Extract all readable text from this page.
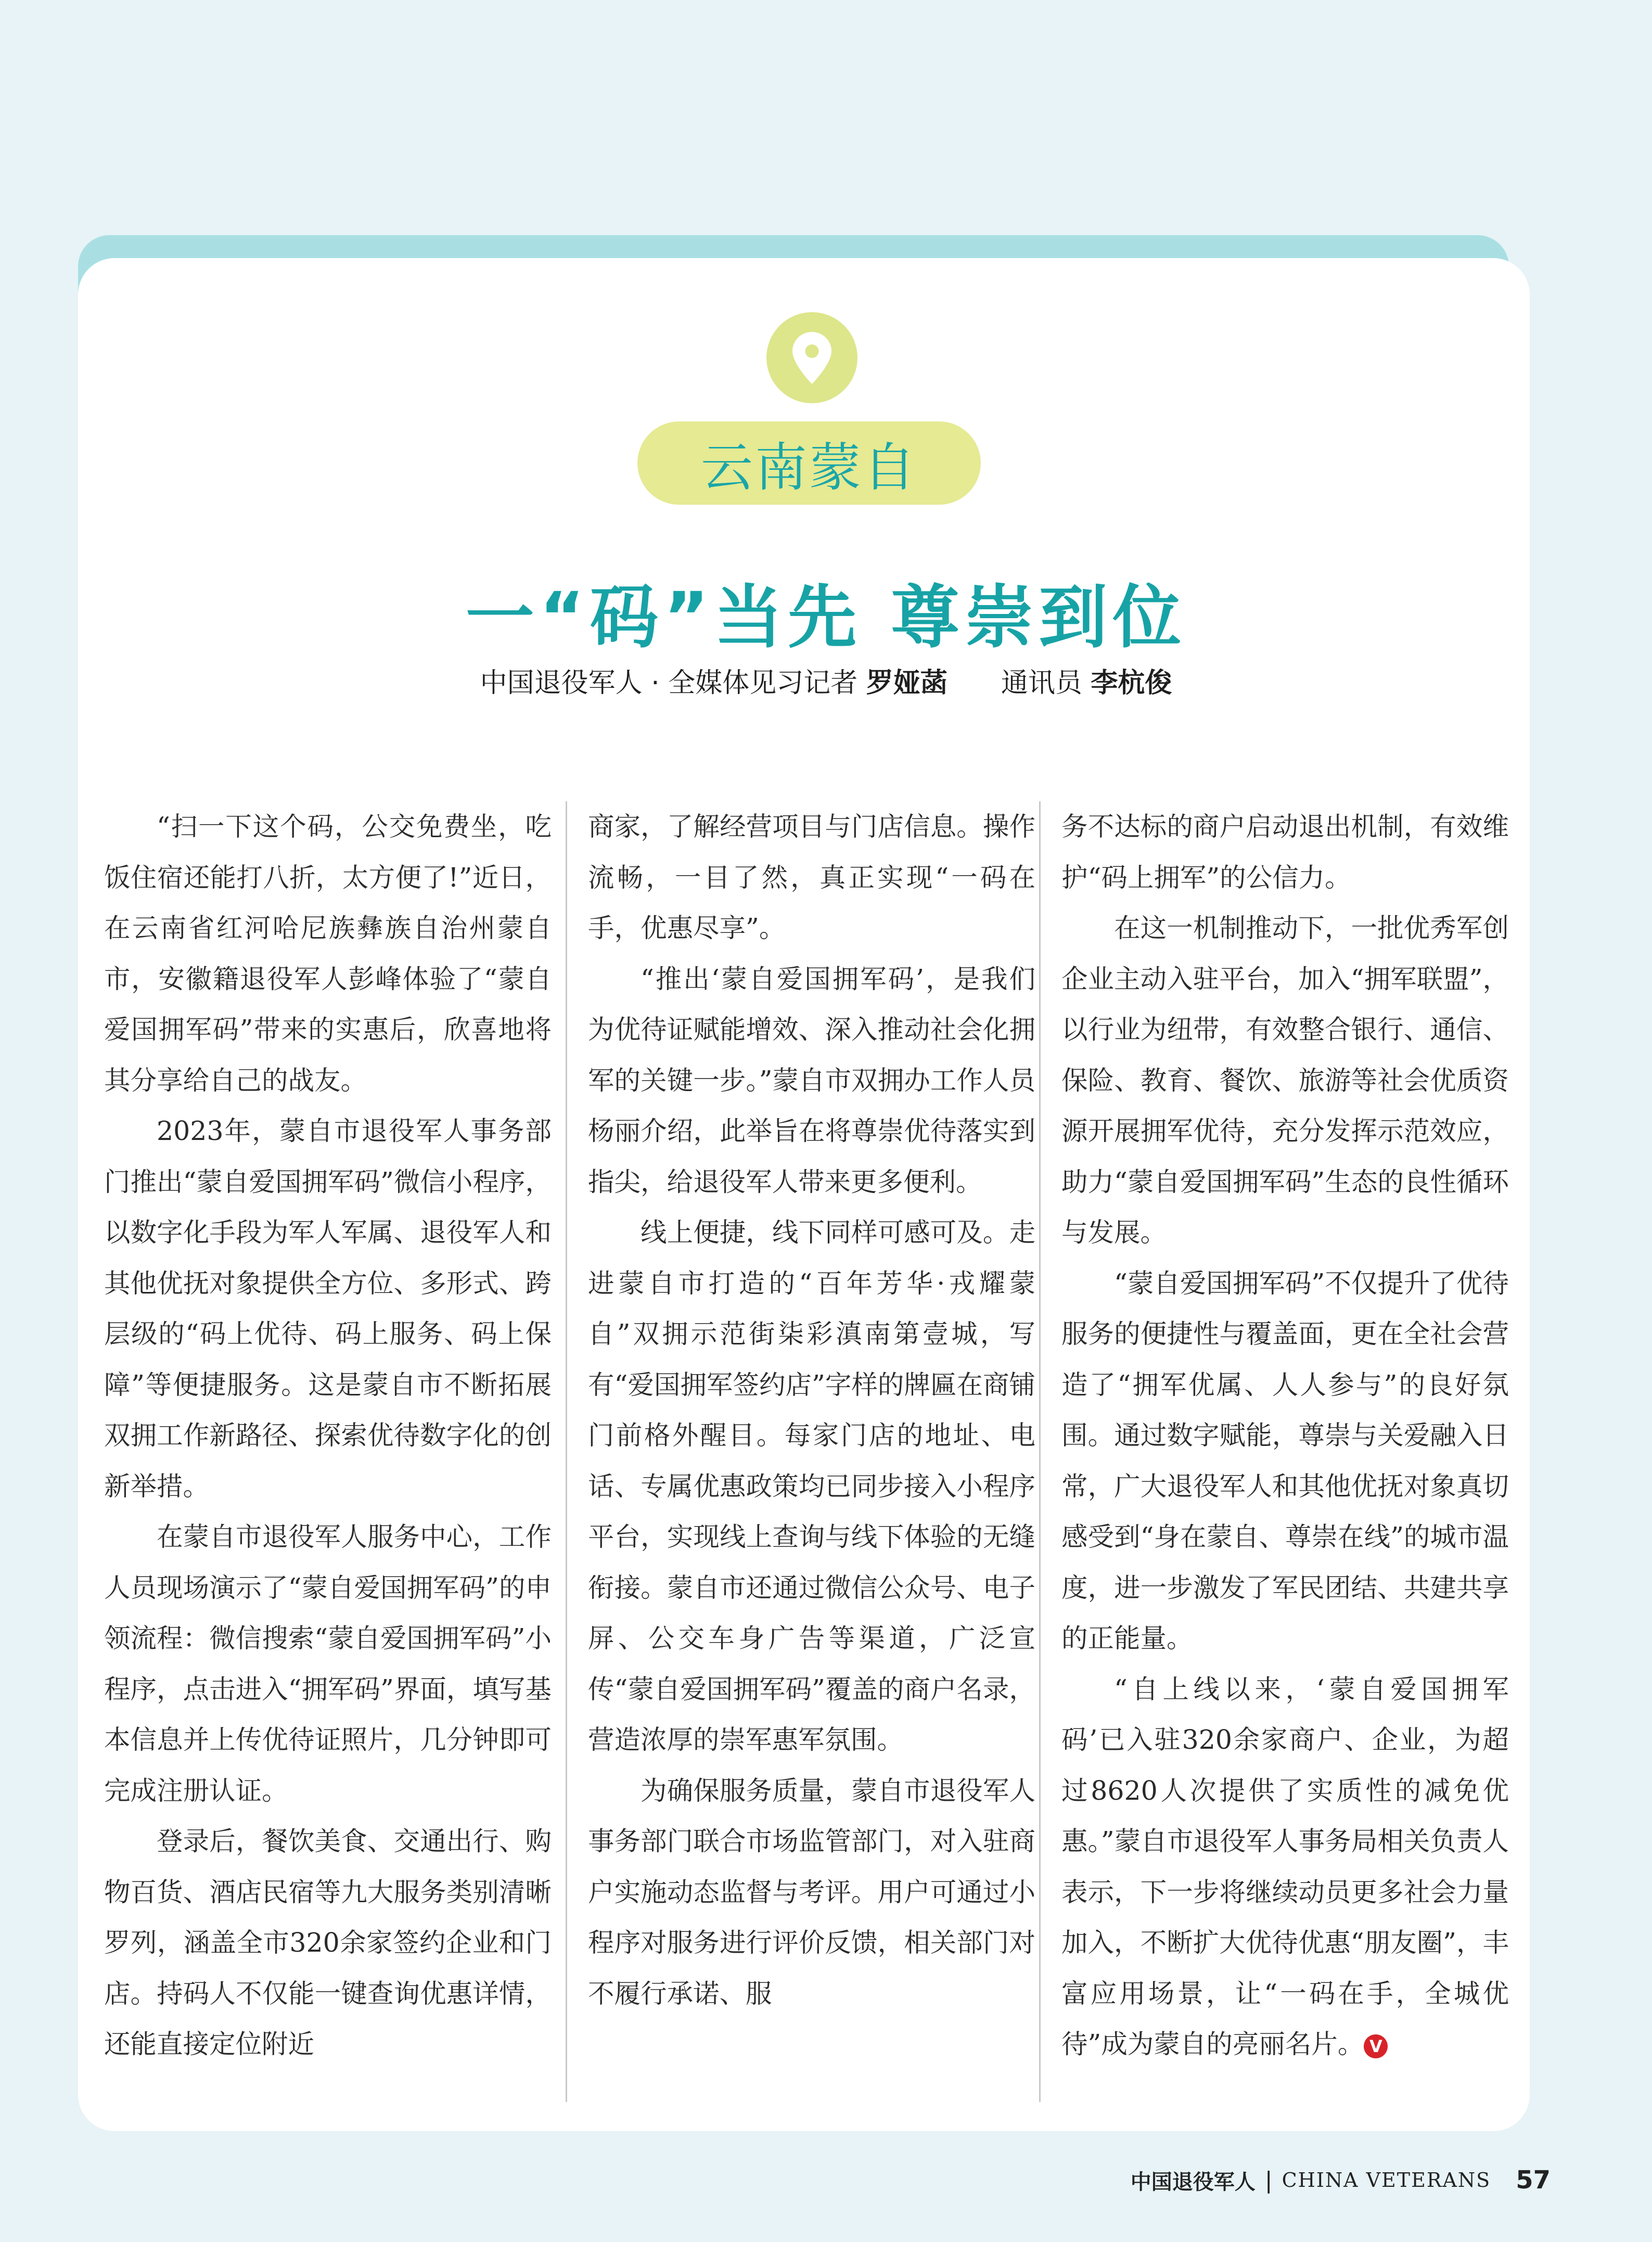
云南蒙自
一“码”当先 尊崇到位
中国退役军人 · 全媒体见习记者 罗娅菡 通讯员 李杭俊

“扫一下这个码，公交免费坐，吃饭住宿还能打八折，太方便了!”近日，在云南省红河哈尼族彝族自治州蒙自市，安徽籍退役军人彭峰体验了“蒙自爱国拥军码”带来的实惠后，欣喜地将其分享给自己的战友。

2023年，蒙自市退役军人事务部门推出“蒙自爱国拥军码”微信小程序，以数字化手段为军人军属、退役军人和其他优抚对象提供全方位、多形式、跨层级的“码上优待、码上服务、码上保障”等便捷服务。这是蒙自市不断拓展双拥工作新路径、探索优待数字化的创新举措。

在蒙自市退役军人服务中心，工作人员现场演示了“蒙自爱国拥军码”的申领流程：微信搜索“蒙自爱国拥军码”小程序，点击进入“拥军码”界面，填写基本信息并上传优待证照片，几分钟即可完成注册认证。

登录后，餐饮美食、交通出行、购物百货、酒店民宿等九大服务类别清晰罗列，涵盖全市320余家签约企业和门店。持码人不仅能一键查询优惠详情，还能直接定位附近

商家，了解经营项目与门店信息。操作流畅，一目了然，真正实现“一码在手，优惠尽享”。

“推出‘蒙自爱国拥军码’，是我们为优待证赋能增效、深入推动社会化拥军的关键一步。”蒙自市双拥办工作人员杨丽介绍，此举旨在将尊崇优待落实到指尖，给退役军人带来更多便利。

线上便捷，线下同样可感可及。走进蒙自市打造的“百年芳华·戎耀蒙自”双拥示范街柒彩滇南第壹城，写有“爱国拥军签约店”字样的牌匾在商铺门前格外醒目。每家门店的地址、电话、专属优惠政策均已同步接入小程序平台，实现线上查询与线下体验的无缝衔接。蒙自市还通过微信公众号、电子屏、公交车身广告等渠道，广泛宣传“蒙自爱国拥军码”覆盖的商户名录，营造浓厚的崇军惠军氛围。

为确保服务质量，蒙自市退役军人事务部门联合市场监管部门，对入驻商户实施动态监督与考评。用户可通过小程序对服务进行评价反馈，相关部门对不履行承诺、服

务不达标的商户启动退出机制，有效维护“码上拥军”的公信力。

在这一机制推动下，一批优秀军创企业主动入驻平台，加入“拥军联盟”，以行业为纽带，有效整合银行、通信、保险、教育、餐饮、旅游等社会优质资源开展拥军优待，充分发挥示范效应，助力“蒙自爱国拥军码”生态的良性循环与发展。

“蒙自爱国拥军码”不仅提升了优待服务的便捷性与覆盖面，更在全社会营造了“拥军优属、人人参与”的良好氛围。通过数字赋能，尊崇与关爱融入日常，广大退役军人和其他优抚对象真切感受到“身在蒙自、尊崇在线”的城市温度，进一步激发了军民团结、共建共享的正能量。

“自上线以来，‘蒙自爱国拥军码’已入驻320余家商户、企业，为超过8620人次提供了实质性的减免优惠。”蒙自市退役军人事务局相关负责人表示，下一步将继续动员更多社会力量加入，不断扩大优待优惠“朋友圈”，丰富应用场景，让“一码在手，全城优待”成为蒙自的亮丽名片。 V

中国退役军人 | CHINA VETERANS 57
